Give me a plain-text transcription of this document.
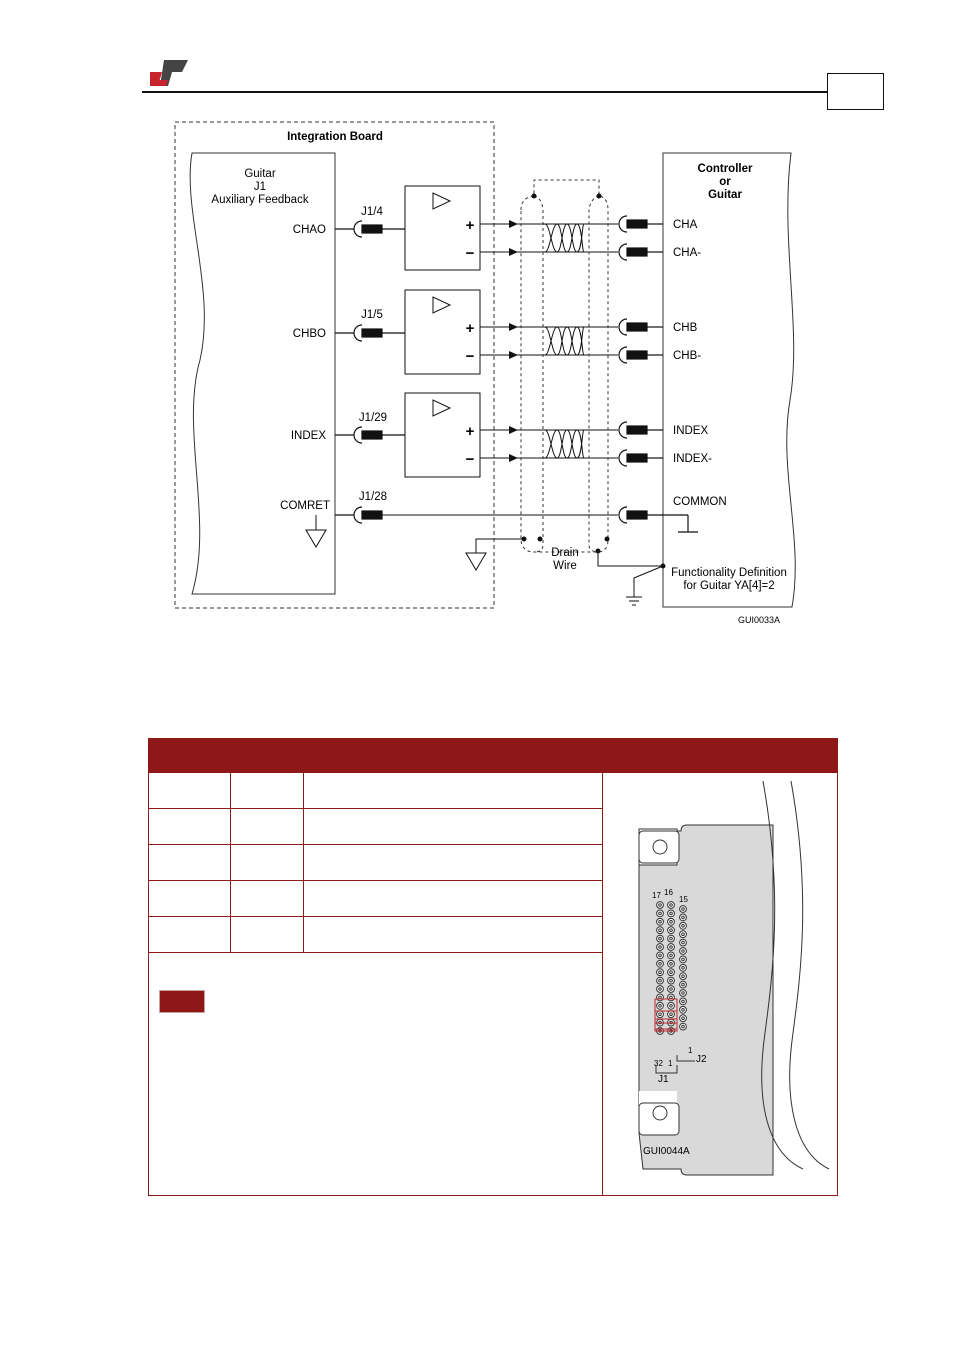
Integration Board
Guitar
J1
Auxiliary Feedback
Controller
or
Guitar
CHAO
CHBO
INDEX
COMRET
J1/4
J1/5
J1/29
J1/28
+
−
+
−
+
−
Drain
Wire
CHA
CHA-
CHB
CHB-
INDEX
INDEX-
COMMON
Functionality Definition
for Guitar YA[4]=2
GUI0033A
17 16
15
32 1
1
J1
J2
GUI0044A
